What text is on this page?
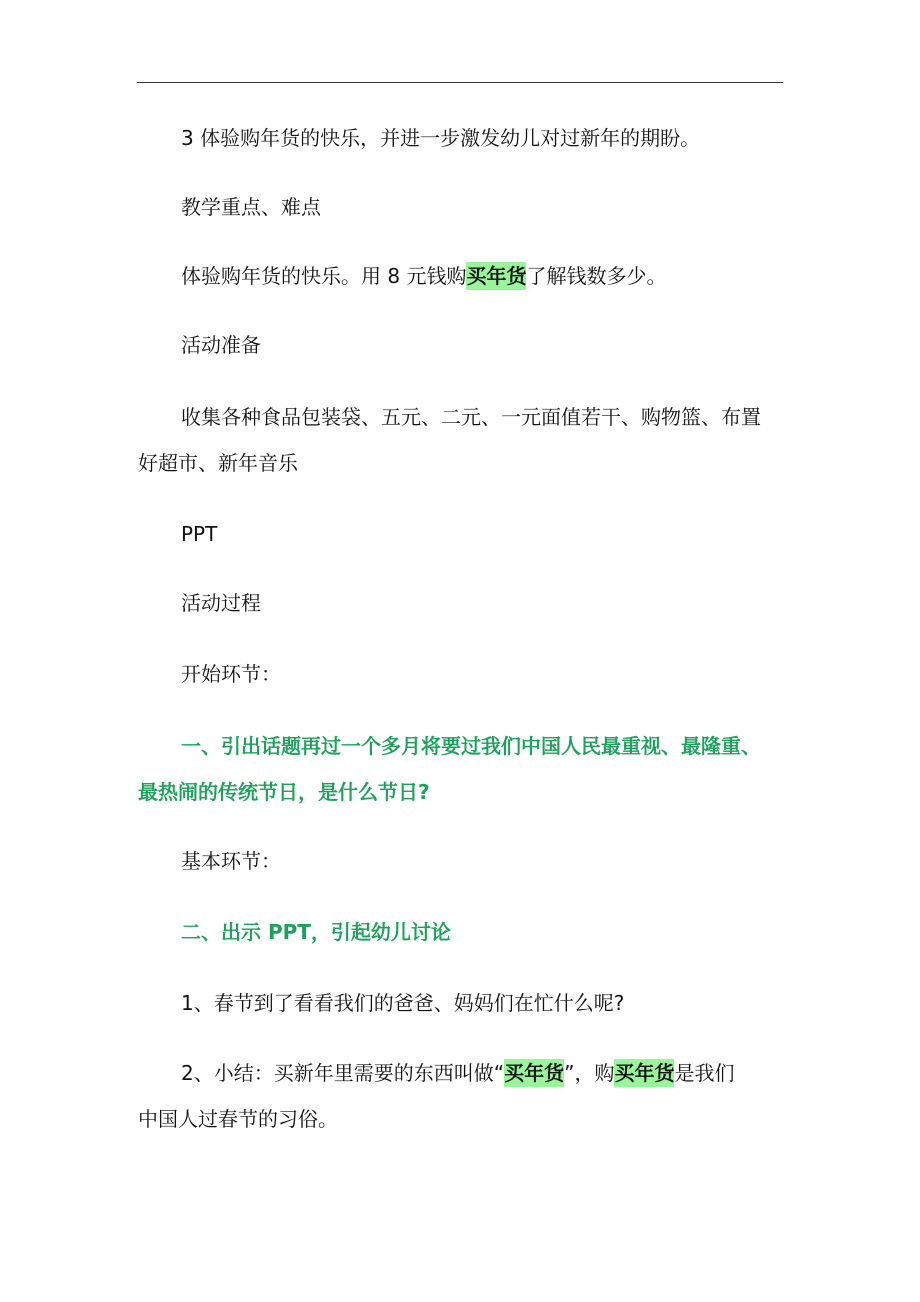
3 体验购年货的快乐，并进一步激发幼儿对过新年的期盼。
教学重点、难点
体验购年货的快乐。用 8 元钱购买年货了解钱数多少。
活动准备
收集各种食品包装袋、五元、二元、一元面值若干、购物篮、布置
好超市、新年音乐
PPT
活动过程
开始环节：
一、引出话题再过一个多月将要过我们中国人民最重视、最隆重、
最热闹的传统节日，是什么节日?
基本环节：
二、出示 PPT，引起幼儿讨论
1、春节到了看看我们的爸爸、妈妈们在忙什么呢?
2、小结：买新年里需要的东西叫做“买年货”，购买年货是我们
中国人过春节的习俗。
